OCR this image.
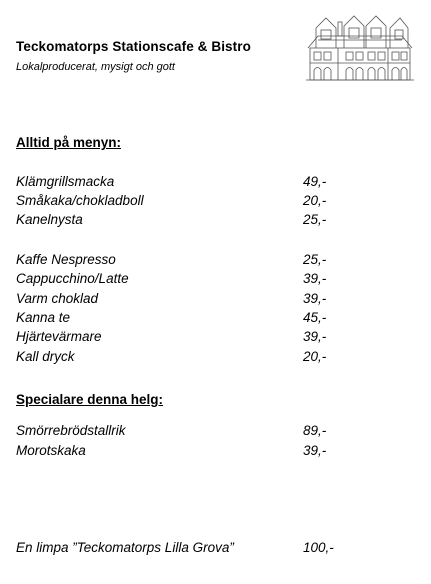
Teckomatorps Stationscafe & Bistro
Lokalproducerat, mysigt och gott
Alltid på menyn:
Klämgrillsmacka	49,-
Småkaka/chokladboll	20,-
Kanelnysta	25,-
Kaffe Nespresso	25,-
Cappucchino/Latte	39,-
Varm choklad	39,-
Kanna te	45,-
Hjärtevärmare	39,-
Kall dryck	20,-
Specialare denna helg:
Smörrebrödstallrik	89,-
Morotskaka	39,-
En limpa ”Teckomatorps Lilla Grova”	100,-
